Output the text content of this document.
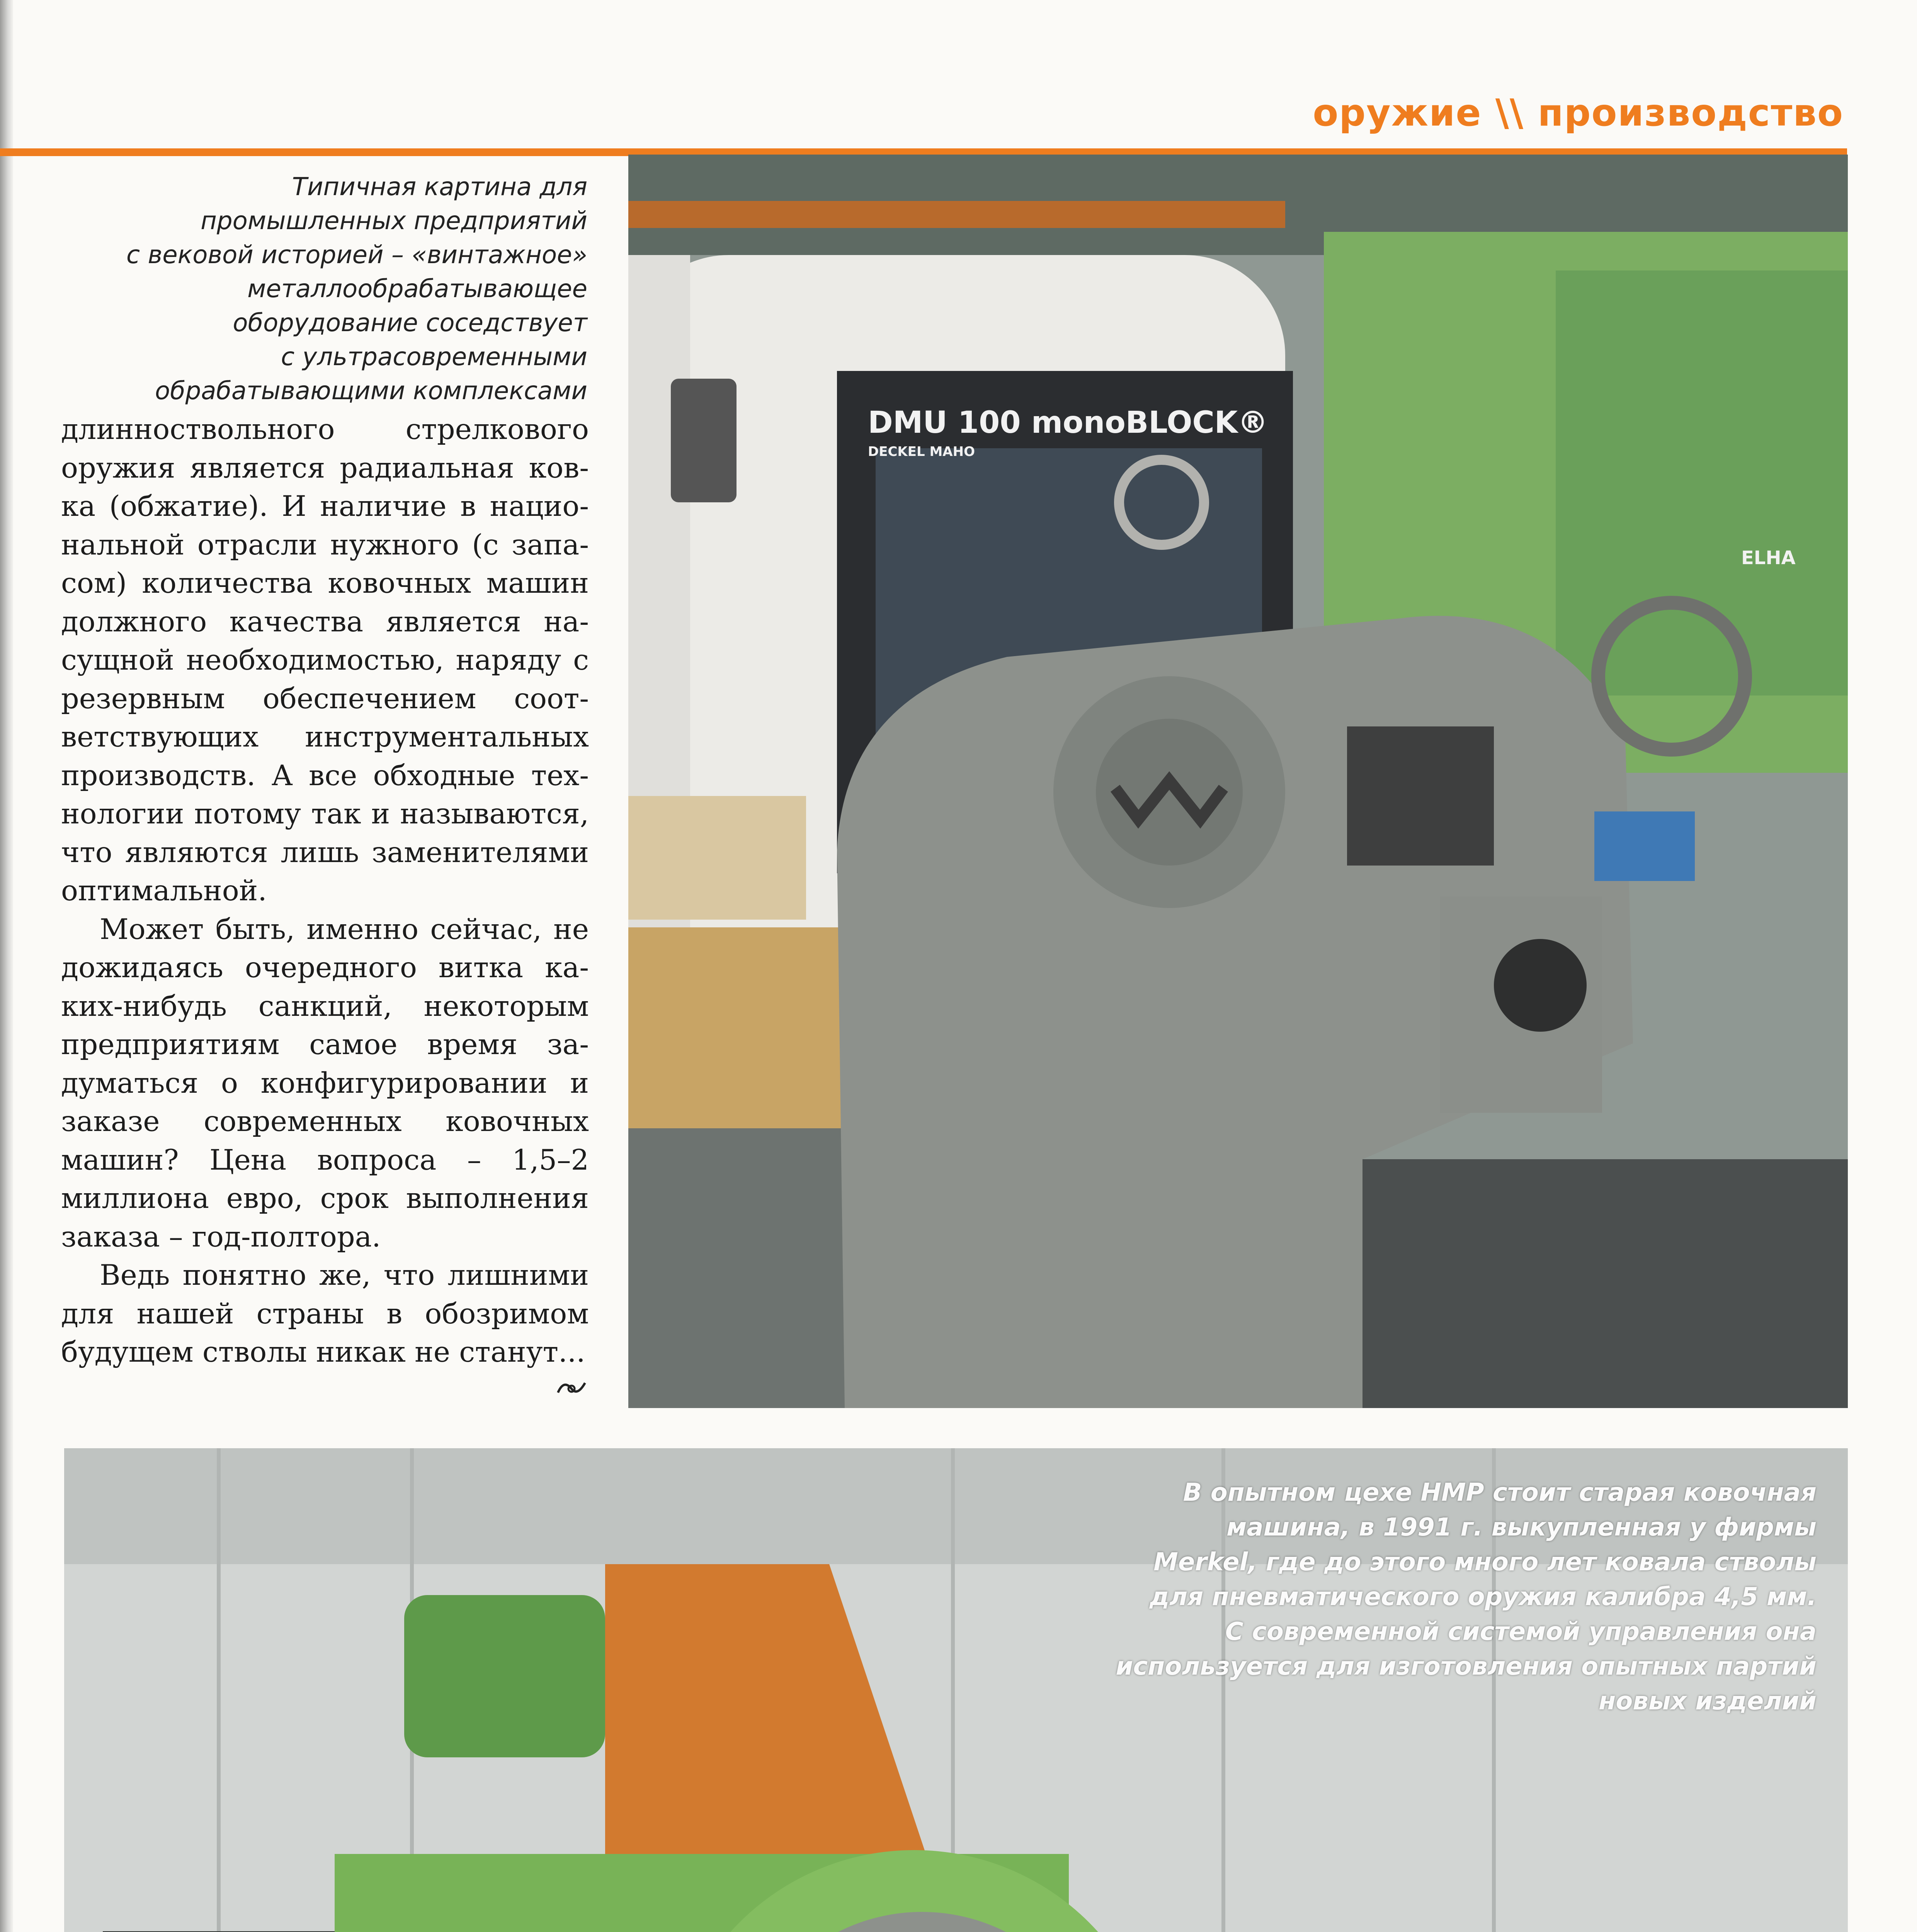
оружие \\ производство
Типичная картина для
промышленных предприятий
с вековой историей – «винтажное»
металлообрабатывающее
оборудование соседствует
с ультрасовременными
обрабатывающими комплексами

длинноствольного стрелкового оружия является радиальная ковка (обжатие). И наличие в национальной отрасли нужного (с запасом) количества ковочных машин должного качества является насущной необходимостью, наряду с резервным обеспечением соответствующих инструментальных производств. А все обходные технологии потому так и называются, что являются лишь заменителями оптимальной.

Может быть, именно сейчас, не дожидаясь очередного витка каких-нибудь санкций, некоторым предприятиям самое время задуматься о конфигурировании и заказе современных ковочных машин? Цена вопроса – 1,5–2 миллиона евро, срок выполнения заказа – год-полтора.

Ведь понятно же, что лишними для нашей страны в обозримом будущем стволы никак не станут...

DMU 100 monoBLOCK®
DECKEL MAHO
ELHA
В опытном цехе HMP стоит старая ковочная
машина, в 1991 г. выкупленная у фирмы
Merkel, где до этого много лет ковала стволы
для пневматического оружия калибра 4,5 мм.
С современной системой управления она
используется для изготовления опытных партий
новых изделий
